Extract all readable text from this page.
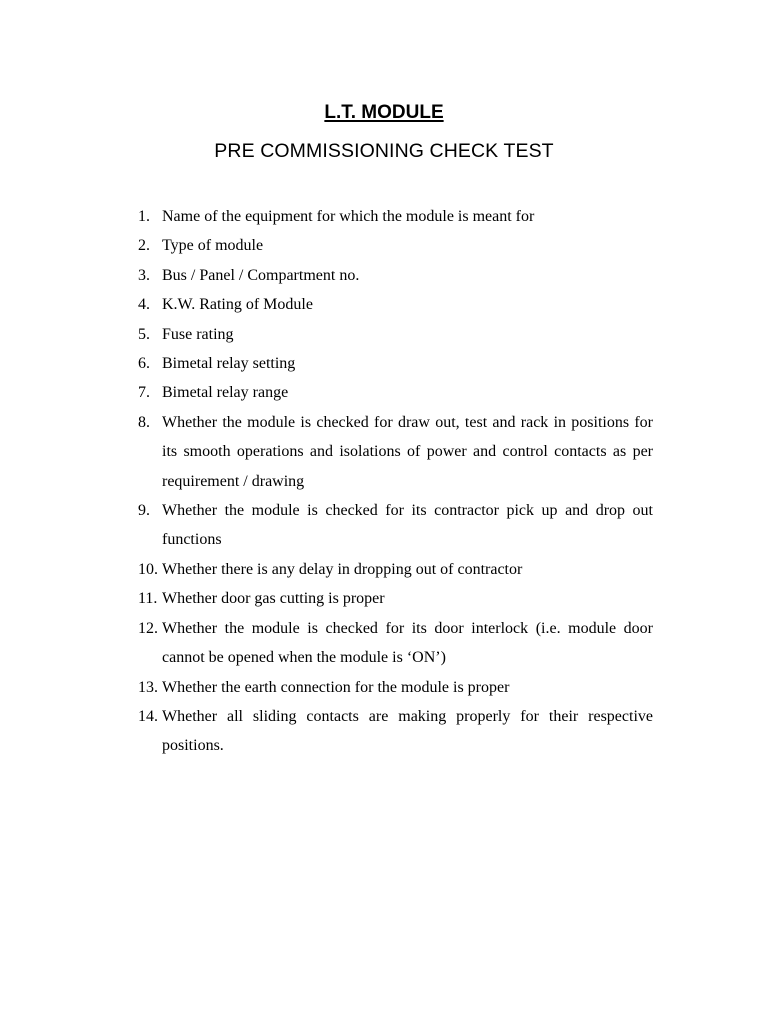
L.T. MODULE
PRE COMMISSIONING CHECK TEST
1. Name of the equipment for which the module is meant for
2. Type of module
3. Bus / Panel / Compartment no.
4. K.W. Rating of Module
5. Fuse rating
6. Bimetal relay setting
7. Bimetal relay range
8. Whether the module is checked for draw out, test and rack in positions for its smooth operations and isolations of power and control contacts as per requirement / drawing
9. Whether the module is checked for its contractor pick up and drop out functions
10. Whether there is any delay in dropping out of contractor
11. Whether door gas cutting is proper
12. Whether the module is checked for its door interlock (i.e. module door cannot be opened when the module is ‘ON’)
13. Whether the earth connection for the module is proper
14. Whether all sliding contacts are making properly for their respective positions.
